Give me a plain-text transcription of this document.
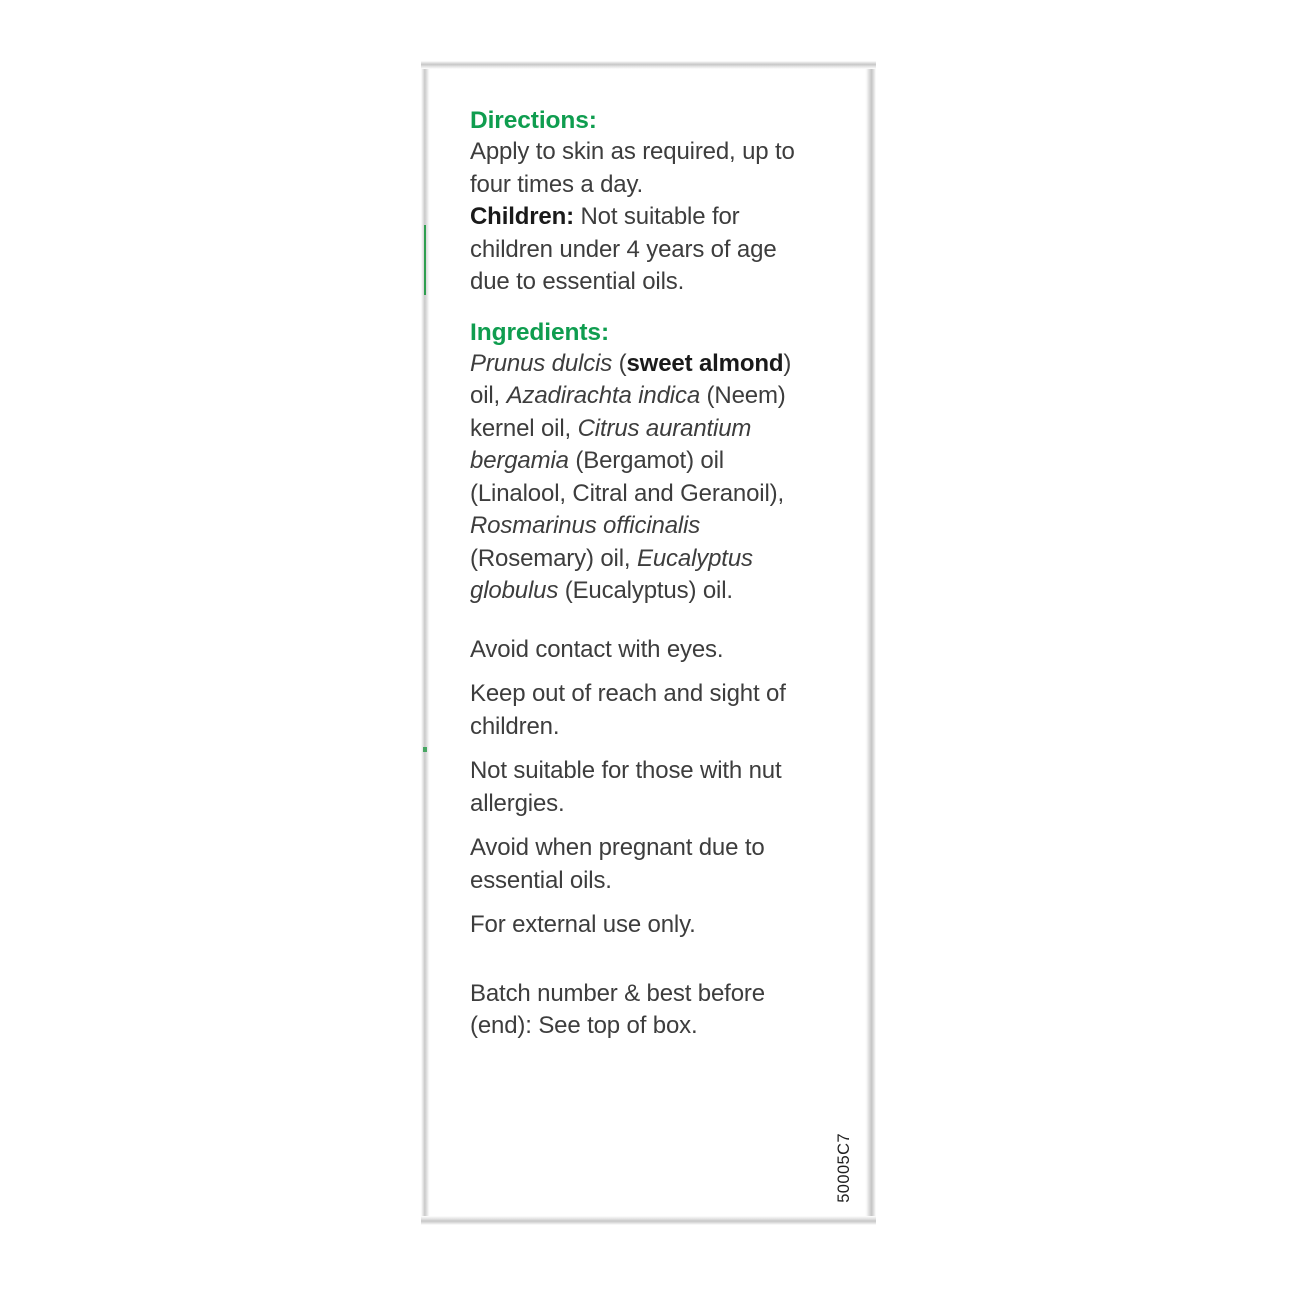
Directions:

Apply to skin as required, up to four times a day.

Children: Not suitable for children under 4 years of age due to essential oils.

Ingredients:

Prunus dulcis (sweet almond) oil, Azadirachta indica (Neem) kernel oil, Citrus aurantium bergamia (Bergamot) oil (Linalool, Citral and Geranoil), Rosmarinus officinalis (Rosemary) oil, Eucalyptus globulus (Eucalyptus) oil.

Avoid contact with eyes.

Keep out of reach and sight of children.

Not suitable for those with nut allergies.

Avoid when pregnant due to essential oils.

For external use only.

Batch number & best before (end): See top of box.

50005C7
